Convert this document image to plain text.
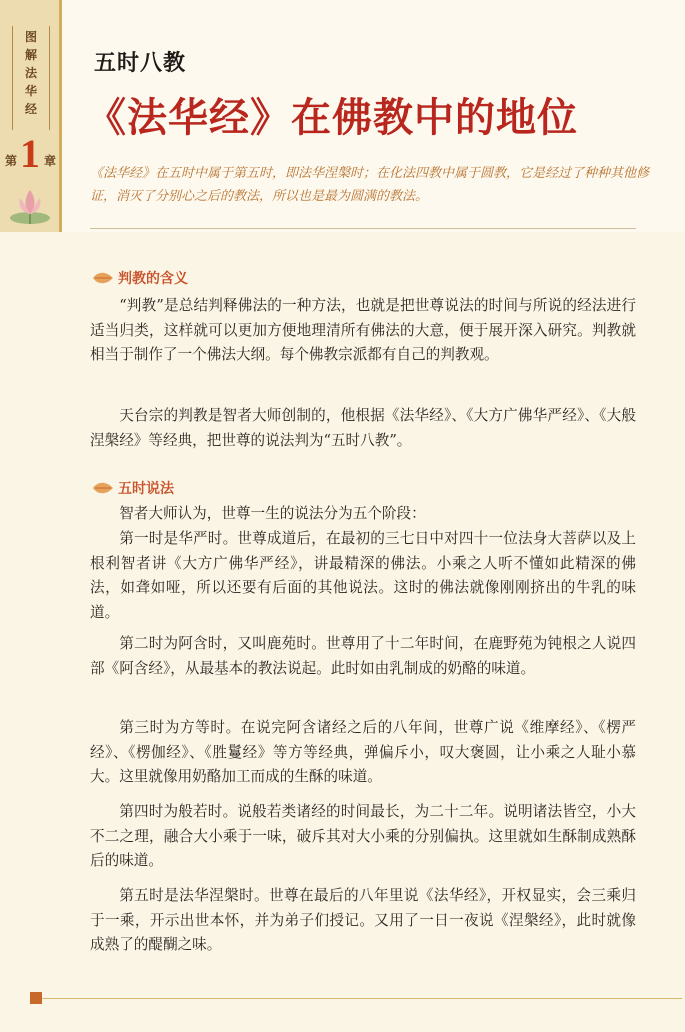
图
解
法
华
经
第 1 章
五时八教
《法华经》在佛教中的地位
《法华经》在五时中属于第五时，即法华涅槃时；在化法四教中属于圆教，它是经过了种种其他修证，消灭了分别心之后的教法，所以也是最为圆满的教法。
判教的含义
“判教”是总结判释佛法的一种方法，也就是把世尊说法的时间与所说的经法进行适当归类，这样就可以更加方便地理清所有佛法的大意，便于展开深入研究。判教就相当于制作了一个佛法大纲。每个佛教宗派都有自己的判教观。
天台宗的判教是智者大师创制的，他根据《法华经》、《大方广佛华严经》、《大般涅槃经》等经典，把世尊的说法判为“五时八教”。
五时说法
智者大师认为，世尊一生的说法分为五个阶段：
第一时是华严时。世尊成道后，在最初的三七日中对四十一位法身大菩萨以及上根利智者讲《大方广佛华严经》，讲最精深的佛法。小乘之人听不懂如此精深的佛法，如聋如哑，所以还要有后面的其他说法。这时的佛法就像刚刚挤出的牛乳的味道。
第二时为阿含时，又叫鹿苑时。世尊用了十二年时间，在鹿野苑为钝根之人说四部《阿含经》，从最基本的教法说起。此时如由乳制成的奶酪的味道。
第三时为方等时。在说完阿含诸经之后的八年间，世尊广说《维摩经》、《楞严经》、《楞伽经》、《胜鬘经》等方等经典，弹偏斥小，叹大褒圆，让小乘之人耻小慕大。这里就像用奶酪加工而成的生酥的味道。
第四时为般若时。说般若类诸经的时间最长，为二十二年。说明诸法皆空，小大不二之理，融合大小乘于一味，破斥其对大小乘的分别偏执。这里就如生酥制成熟酥后的味道。
第五时是法华涅槃时。世尊在最后的八年里说《法华经》，开权显实，会三乘归于一乘，开示出世本怀，并为弟子们授记。又用了一日一夜说《涅槃经》，此时就像成熟了的醍醐之味。
